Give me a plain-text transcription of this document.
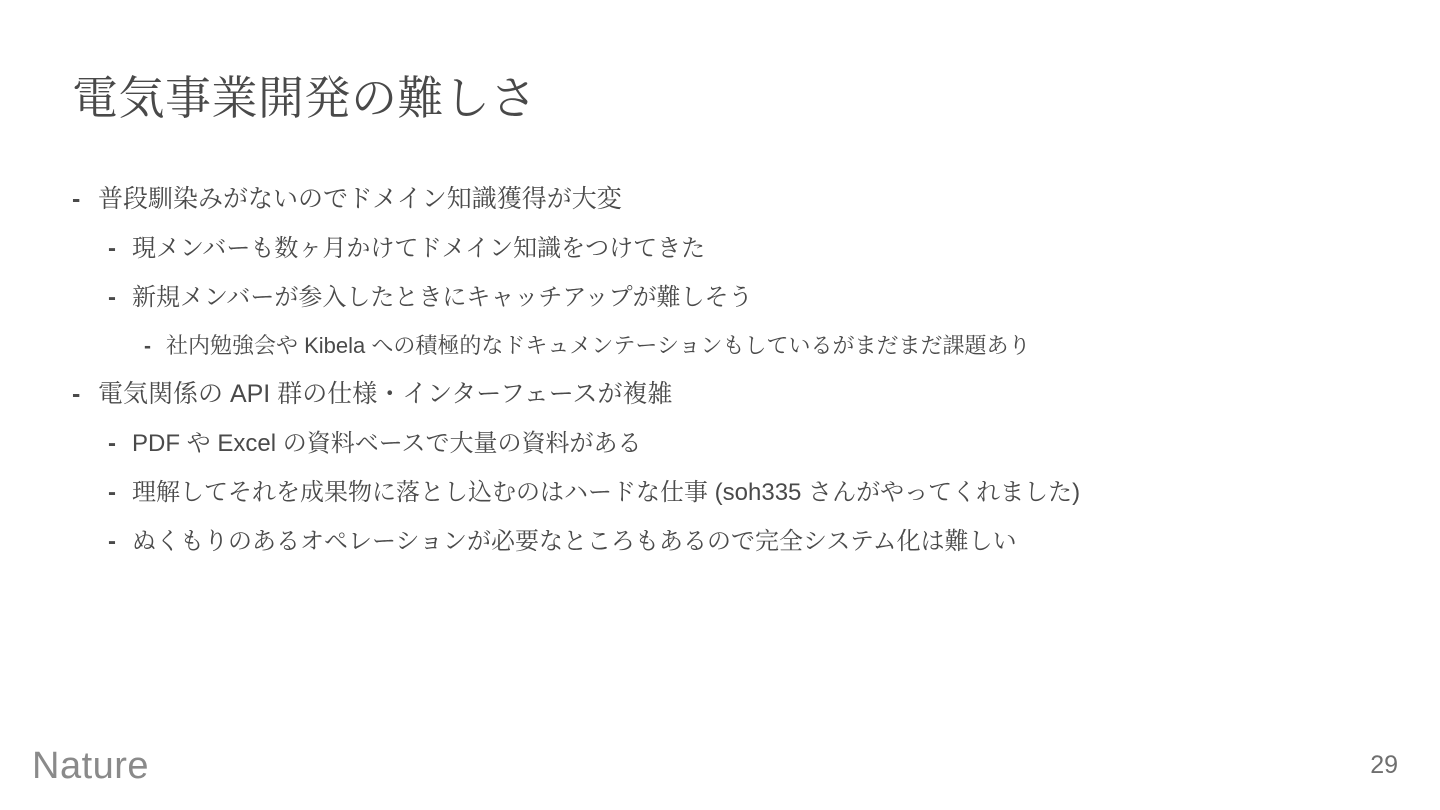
電気事業開発の難しさ
- 普段馴染みがないのでドメイン知識獲得が大変
- 現メンバーも数ヶ月かけてドメイン知識をつけてきた
- 新規メンバーが参入したときにキャッチアップが難しそう
- 社内勉強会や Kibela への積極的なドキュメンテーションもしているがまだまだ課題あり
- 電気関係の API 群の仕様・インターフェースが複雑
- PDF や Excel の資料ベースで大量の資料がある
- 理解してそれを成果物に落とし込むのはハードな仕事 (soh335 さんがやってくれました)
- ぬくもりのあるオペレーションが必要なところもあるので完全システム化は難しい
Nature	29
